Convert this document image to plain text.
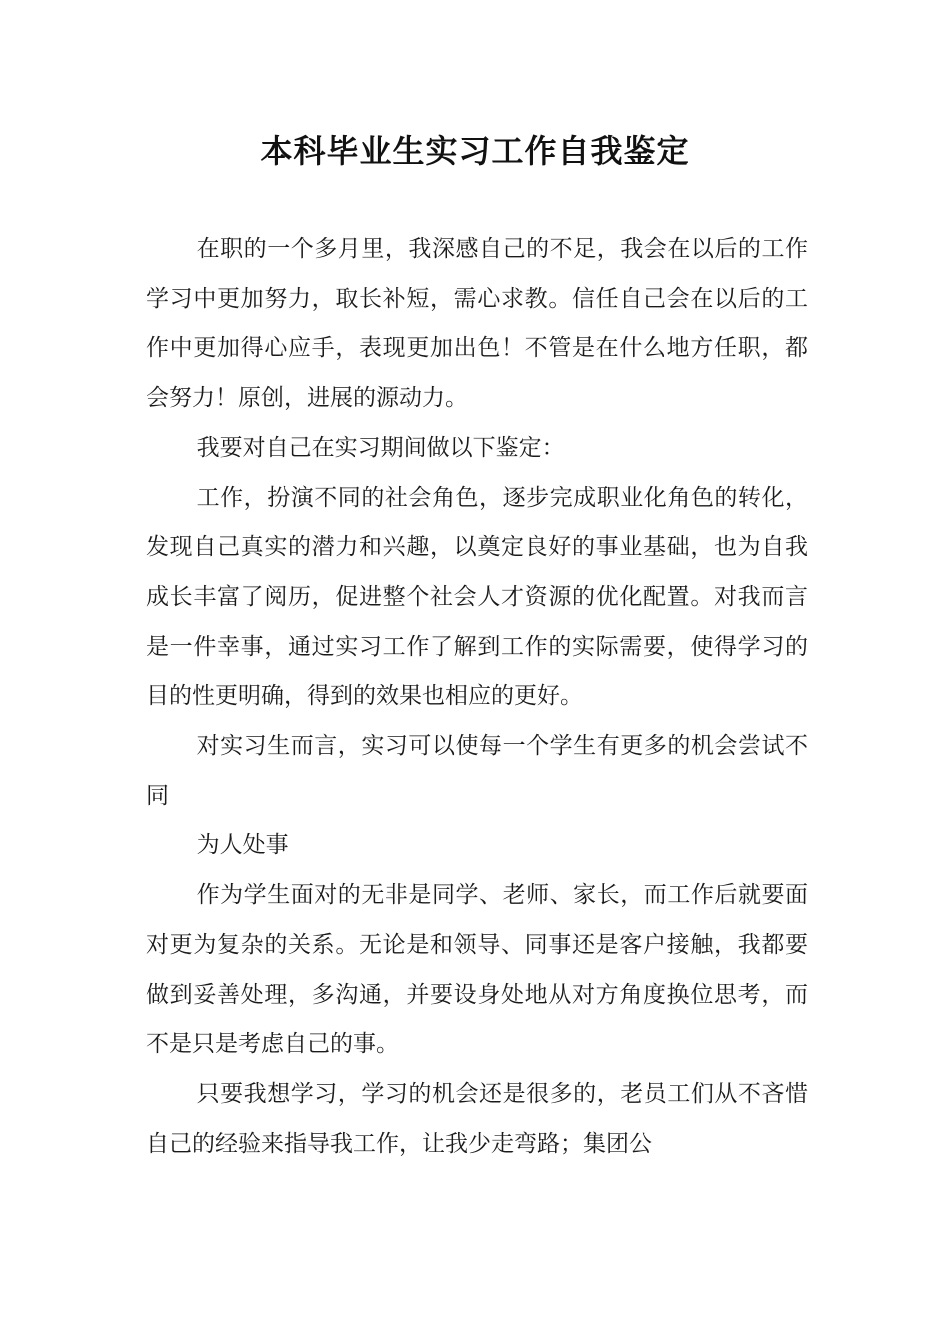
本科毕业生实习工作自我鉴定

在职的一个多月里，我深感自己的不足，我会在以后的工作学习中更加努力，取长补短，需心求教。信任自己会在以后的工作中更加得心应手，表现更加出色！不管是在什么地方任职，都会努力！原创，进展的源动力。

我要对自己在实习期间做以下鉴定：

工作，扮演不同的社会角色，逐步完成职业化角色的转化，发现自己真实的潜力和兴趣，以奠定良好的事业基础，也为自我成长丰富了阅历，促进整个社会人才资源的优化配置。对我而言是一件幸事，通过实习工作了解到工作的实际需要，使得学习的目的性更明确，得到的效果也相应的更好。

对实习生而言，实习可以使每一个学生有更多的机会尝试不同

为人处事

作为学生面对的无非是同学、老师、家长，而工作后就要面对更为复杂的关系。无论是和领导、同事还是客户接触，我都要做到妥善处理，多沟通，并要设身处地从对方角度换位思考，而不是只是考虑自己的事。

只要我想学习，学习的机会还是很多的，老员工们从不吝惜自己的经验来指导我工作，让我少走弯路；集团公
